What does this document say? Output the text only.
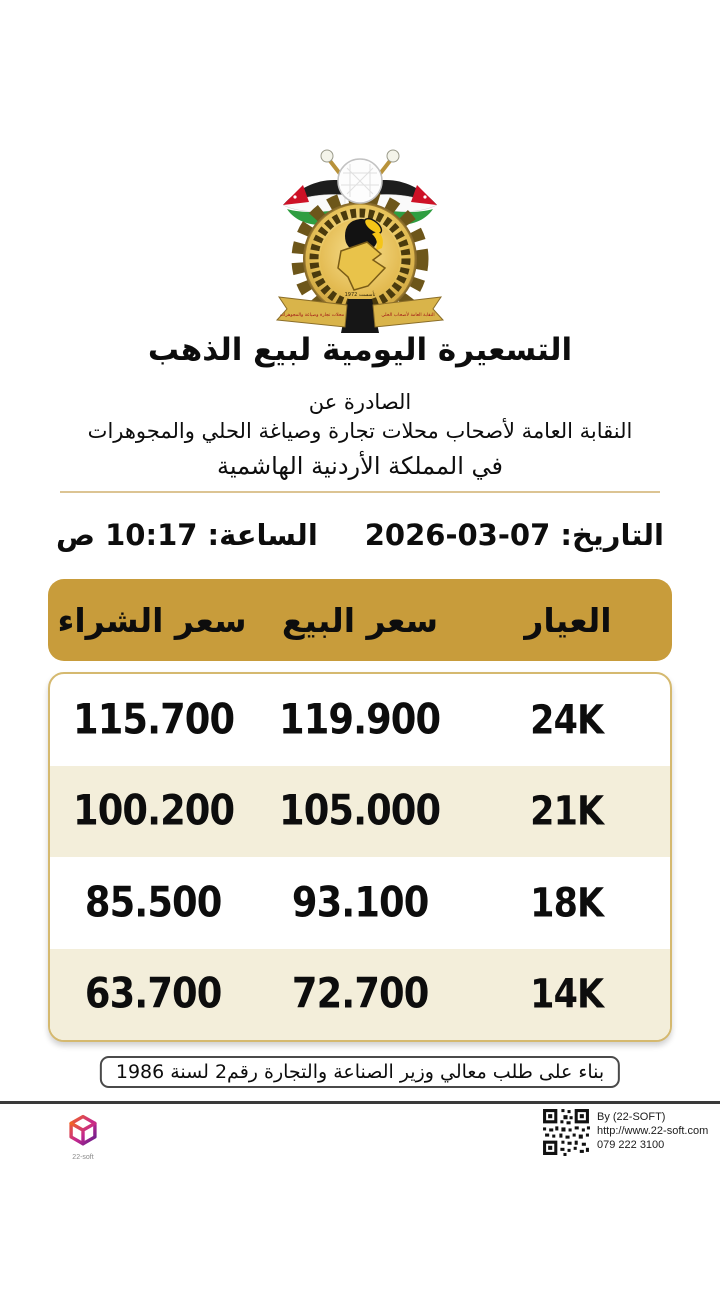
تأسست 1972
محلات تجارة وصياغة والمجوهرات	النقابة العامة لأصحاب الحلي
التسعيرة اليومية لبيع الذهب
الصادرة عن
النقابة العامة لأصحاب محلات تجارة وصياغة الحلي والمجوهرات
في المملكة الأردنية الهاشمية
التاريخ: 07-03-2026
الساعة: 10:17 ص
العيار
سعر البيع
سعر الشراء
24K
119.900
115.700
21K
105.000
100.200
18K
93.100
85.500
14K
72.700
63.700
بناء على طلب معالي وزير الصناعة والتجارة رقم2 لسنة 1986
22-soft
By (22-SOFT)
http://www.22-soft.com
079 222 3100
